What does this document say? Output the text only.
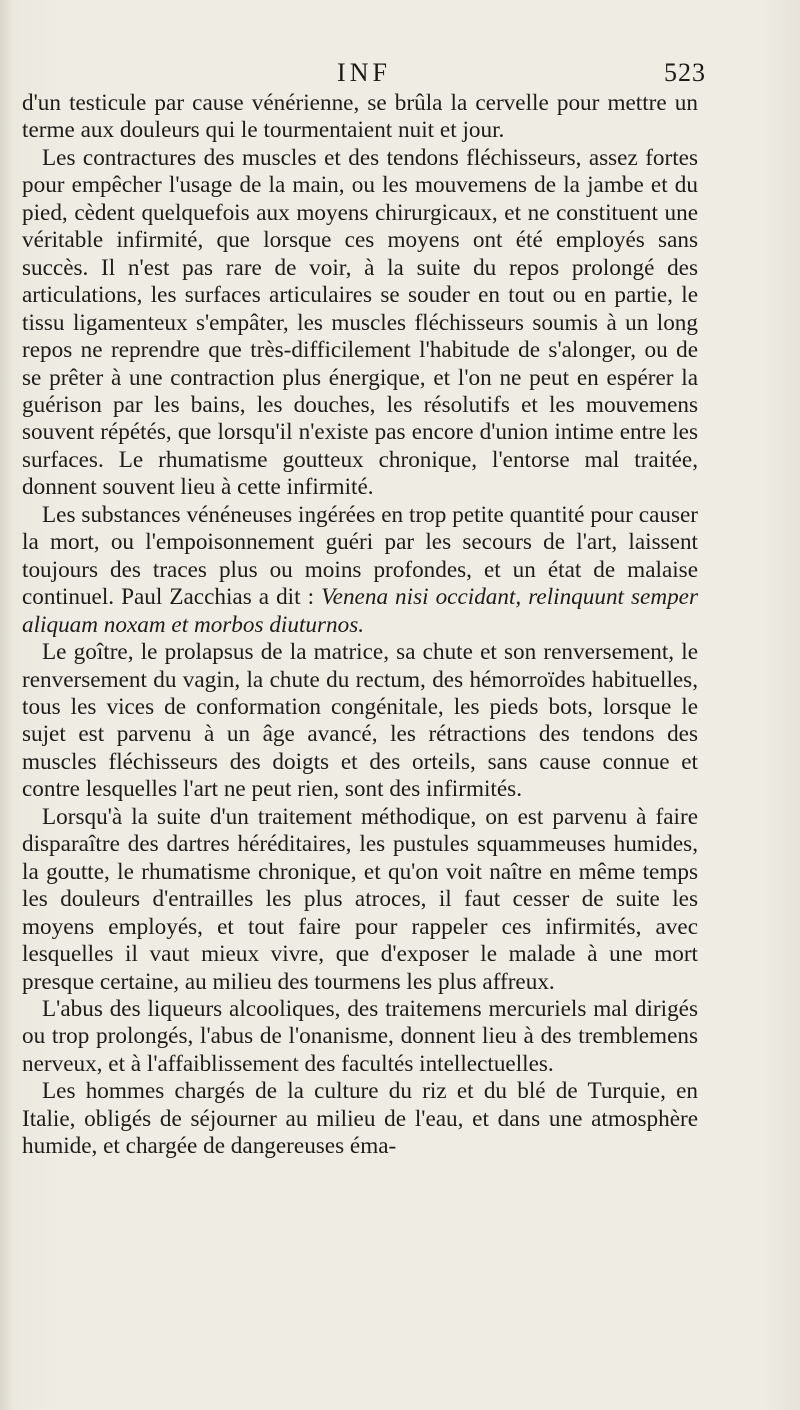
INF	523

d'un testicule par cause vénérienne, se brûla la cervelle pour mettre un terme aux douleurs qui le tourmentaient nuit et jour.

Les contractures des muscles et des tendons fléchisseurs, assez fortes pour empêcher l'usage de la main, ou les mouvemens de la jambe et du pied, cèdent quelquefois aux moyens chirurgicaux, et ne constituent une véritable infirmité, que lorsque ces moyens ont été employés sans succès. Il n'est pas rare de voir, à la suite du repos prolongé des articulations, les surfaces articulaires se souder en tout ou en partie, le tissu ligamenteux s'empâter, les muscles fléchisseurs soumis à un long repos ne reprendre que très-difficilement l'habitude de s'alonger, ou de se prêter à une contraction plus énergique, et l'on ne peut en espérer la guérison par les bains, les douches, les résolutifs et les mouvemens souvent répétés, que lorsqu'il n'existe pas encore d'union intime entre les surfaces. Le rhumatisme goutteux chronique, l'entorse mal traitée, donnent souvent lieu à cette infirmité.

Les substances vénéneuses ingérées en trop petite quantité pour causer la mort, ou l'empoisonnement guéri par les secours de l'art, laissent toujours des traces plus ou moins profondes, et un état de malaise continuel. Paul Zacchias a dit : Venena nisi occidant, relinquunt semper aliquam noxam et morbos diuturnos.

Le goître, le prolapsus de la matrice, sa chute et son renversement, le renversement du vagin, la chute du rectum, des hémorroïdes habituelles, tous les vices de conformation congénitale, les pieds bots, lorsque le sujet est parvenu à un âge avancé, les rétractions des tendons des muscles fléchisseurs des doigts et des orteils, sans cause connue et contre lesquelles l'art ne peut rien, sont des infirmités.

Lorsqu'à la suite d'un traitement méthodique, on est parvenu à faire disparaître des dartres héréditaires, les pustules squammeuses humides, la goutte, le rhumatisme chronique, et qu'on voit naître en même temps les douleurs d'entrailles les plus atroces, il faut cesser de suite les moyens employés, et tout faire pour rappeler ces infirmités, avec lesquelles il vaut mieux vivre, que d'exposer le malade à une mort presque certaine, au milieu des tourmens les plus affreux.

L'abus des liqueurs alcooliques, des traitemens mercuriels mal dirigés ou trop prolongés, l'abus de l'onanisme, donnent lieu à des tremblemens nerveux, et à l'affaiblissement des facultés intellectuelles.

Les hommes chargés de la culture du riz et du blé de Turquie, en Italie, obligés de séjourner au milieu de l'eau, et dans une atmosphère humide, et chargée de dangereuses éma-
